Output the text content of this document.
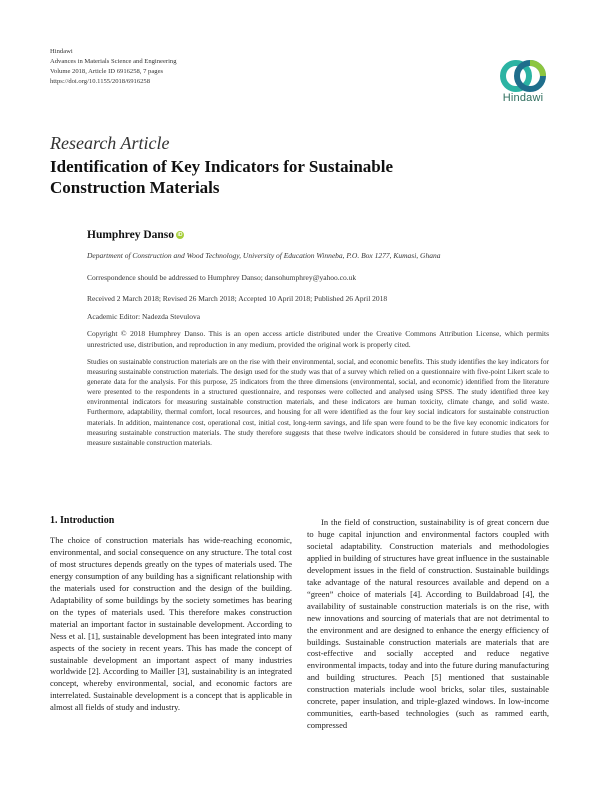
Hindawi
Advances in Materials Science and Engineering
Volume 2018, Article ID 6916258, 7 pages
https://doi.org/10.1155/2018/6916258
Hindawi
Research Article
Identification of Key Indicators for Sustainable Construction Materials
Humphrey Danso iD
Department of Construction and Wood Technology, University of Education Winneba, P.O. Box 1277, Kumasi, Ghana
Correspondence should be addressed to Humphrey Danso; dansohumphrey@yahoo.co.uk
Received 2 March 2018; Revised 26 March 2018; Accepted 10 April 2018; Published 26 April 2018
Academic Editor: Nadezda Stevulova
Copyright © 2018 Humphrey Danso. This is an open access article distributed under the Creative Commons Attribution License, which permits unrestricted use, distribution, and reproduction in any medium, provided the original work is properly cited.
Studies on sustainable construction materials are on the rise with their environmental, social, and economic benefits. This study identifies the key indicators for measuring sustainable construction materials. The design used for the study was that of a survey which relied on a questionnaire with five-point Likert scale to generate data for the analysis. For this purpose, 25 indicators from the three dimensions (environmental, social, and economic) identified from the literature were presented to the respondents in a structured questionnaire, and responses were collected and analysed using SPSS. The study identified three key environmental indicators for measuring sustainable construction materials, and these indicators are human toxicity, climate change, and solid waste. Furthermore, adaptability, thermal comfort, local resources, and housing for all were identified as the four key social indicators for sustainable construction materials. In addition, maintenance cost, operational cost, initial cost, long-term savings, and life span were found to be the five key economic indicators for measuring sustainable construction materials. The study therefore suggests that these twelve indicators should be considered in future studies that seek to measure sustainable construction materials.
1. Introduction

The choice of construction materials has wide-reaching economic, environmental, and social consequence on any structure. The total cost of most structures depends greatly on the types of materials used. The energy consumption of any building has a significant relationship with the materials used for construction and the design of the building. Adaptability of some buildings by the society sometimes has bearing on the types of materials used. This therefore makes construction material an important factor in sustainable development. According to Ness et al. [1], sustainable development has been integrated into many aspects of the society in recent years. This has made the concept of sustainable development an important aspect of many industries worldwide [2]. According to Mailler [3], sustainability is an integrated concept, whereby environmental, social, and economic factors are interrelated. Sustainable development is a concept that is applicable in almost all fields of study and industry.

In the field of construction, sustainability is of great concern due to huge capital injunction and environmental factors coupled with societal adaptability. Construction materials and methodologies applied in building of structures have great influence in the sustainable development issues in the field of construction. Sustainable buildings take advantage of the natural resources available and depend on a “green” choice of materials [4]. According to Buildabroad [4], the availability of sustainable construction materials is on the rise, with new innovations and sourcing of materials that are not detrimental to the environment and are designed to enhance the energy efficiency of buildings. Sustainable construction materials are materials that are cost-effective and socially accepted and reduce negative environmental impacts, today and into the future during manufacturing and building structures. Peach [5] mentioned that sustainable construction materials include wool bricks, solar tiles, sustainable concrete, paper insulation, and triple-glazed windows. In low-income communities, earth-based technologies (such as rammed earth, compressed
